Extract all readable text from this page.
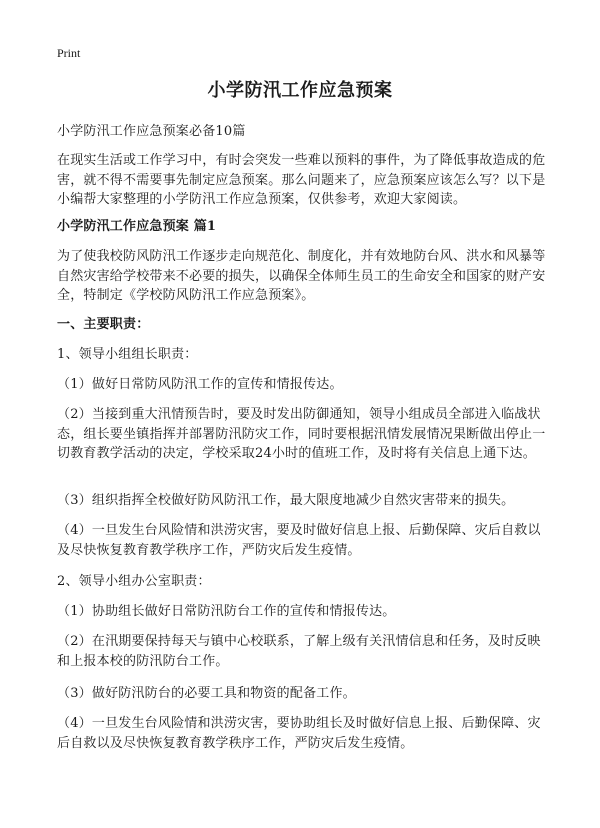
Print
小学防汛工作应急预案
小学防汛工作应急预案必备10篇
在现实生活或工作学习中，有时会突发一些难以预料的事件，为了降低事故造成的危害，就不得不需要事先制定应急预案。那么问题来了，应急预案应该怎么写？以下是小编帮大家整理的小学防汛工作应急预案，仅供参考，欢迎大家阅读。
小学防汛工作应急预案 篇1
为了使我校防风防汛工作逐步走向规范化、制度化，并有效地防台风、洪水和风暴等自然灾害给学校带来不必要的损失，以确保全体师生员工的生命安全和国家的财产安全，特制定《学校防风防汛工作应急预案》。
一、主要职责：
1、领导小组组长职责：
（1）做好日常防风防汛工作的宣传和情报传达。
（2）当接到重大汛情预告时，要及时发出防御通知，领导小组成员全部进入临战状态，组长要坐镇指挥并部署防汛防灾工作，同时要根据汛情发展情况果断做出停止一切教育教学活动的决定，学校采取24小时的值班工作，及时将有关信息上通下达。
（3）组织指挥全校做好防风防汛工作，最大限度地减少自然灾害带来的损失。
（4）一旦发生台风险情和洪涝灾害，要及时做好信息上报、后勤保障、灾后自救以及尽快恢复教育教学秩序工作，严防灾后发生疫情。
2、领导小组办公室职责：
（1）协助组长做好日常防汛防台工作的宣传和情报传达。
（2）在汛期要保持每天与镇中心校联系，了解上级有关汛情信息和任务，及时反映和上报本校的防汛防台工作。
（3）做好防汛防台的必要工具和物资的配备工作。
（4）一旦发生台风险情和洪涝灾害，要协助组长及时做好信息上报、后勤保障、灾后自救以及尽快恢复教育教学秩序工作，严防灾后发生疫情。
